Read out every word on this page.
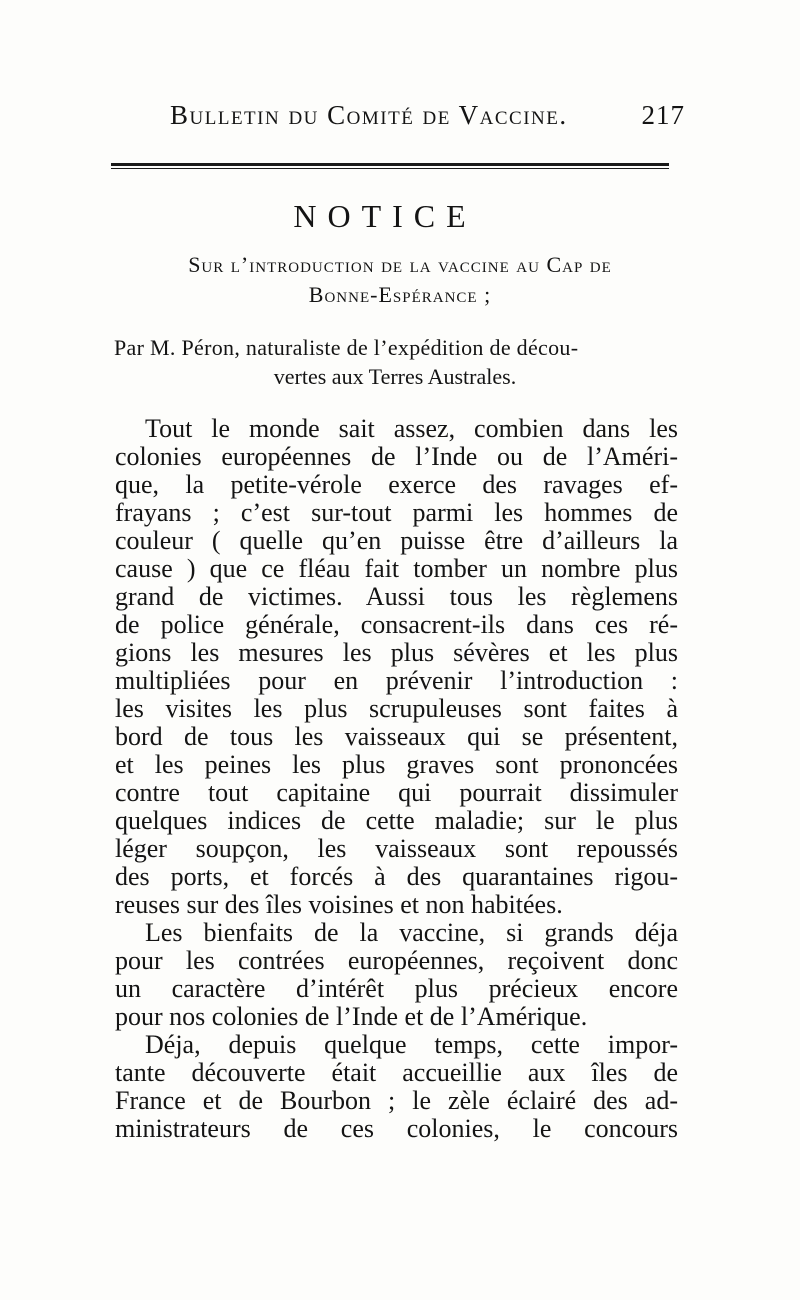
Bulletin du Comité de Vaccine.	217
NOTICE
Sur l’introduction de la vaccine au Cap de
Bonne-Espérance ;
Par M. Péron, naturaliste de l’expédition de décou-
vertes aux Terres Australes.
Tout le monde sait assez, combien dans les
colonies européennes de l’Inde ou de l’Améri-
que, la petite-vérole exerce des ravages ef-
frayans ; c’est sur-tout parmi les hommes de
couleur ( quelle qu’en puisse être d’ailleurs la
cause ) que ce fléau fait tomber un nombre plus
grand de victimes. Aussi tous les règlemens
de police générale, consacrent-ils dans ces ré-
gions les mesures les plus sévères et les plus
multipliées pour en prévenir l’introduction :
les visites les plus scrupuleuses sont faites à
bord de tous les vaisseaux qui se présentent,
et les peines les plus graves sont prononcées
contre tout capitaine qui pourrait dissimuler
quelques indices de cette maladie; sur le plus
léger soupçon, les vaisseaux sont repoussés
des ports, et forcés à des quarantaines rigou-
reuses sur des îles voisines et non habitées.
Les bienfaits de la vaccine, si grands déja
pour les contrées européennes, reçoivent donc
un caractère d’intérêt plus précieux encore
pour nos colonies de l’Inde et de l’Amérique.
Déja, depuis quelque temps, cette impor-
tante découverte était accueillie aux îles de
France et de Bourbon ; le zèle éclairé des ad-
ministrateurs de ces colonies, le concours
